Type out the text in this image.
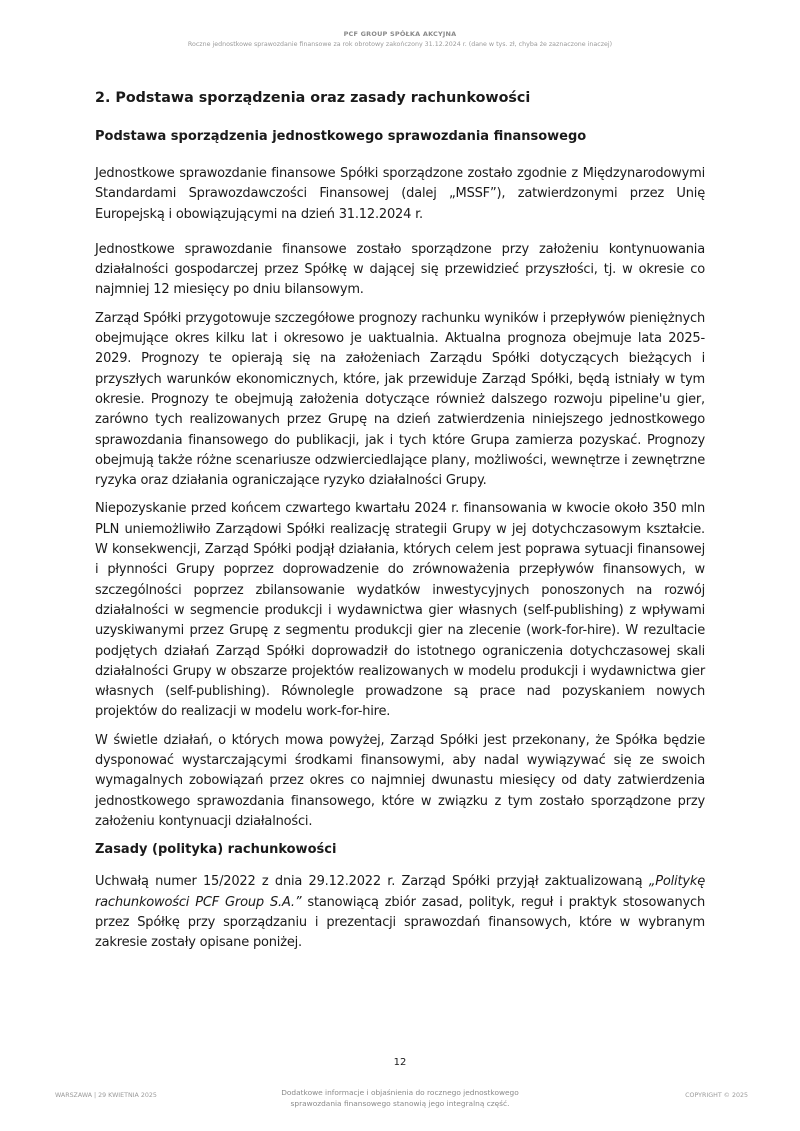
PCF GROUP SPÓŁKA AKCYJNA
Roczne jednostkowe sprawozdanie finansowe za rok obrotowy zakończony 31.12.2024 r. (dane w tys. zł, chyba że zaznaczone inaczej)
2. Podstawa sporządzenia oraz zasady rachunkowości
Podstawa sporządzenia jednostkowego sprawozdania finansowego

Jednostkowe sprawozdanie finansowe Spółki sporządzone zostało zgodnie z Międzynarodowymi Standardami Sprawozdawczości Finansowej (dalej „MSSF”), zatwierdzonymi przez Unię Europejską i obowiązującymi na dzień 31.12.2024 r.

Jednostkowe sprawozdanie finansowe zostało sporządzone przy założeniu kontynuowania działalności gospodarczej przez Spółkę w dającej się przewidzieć przyszłości, tj. w okresie co najmniej 12 miesięcy po dniu bilansowym.

Zarząd Spółki przygotowuje szczegółowe prognozy rachunku wyników i przepływów pieniężnych obejmujące okres kilku lat i okresowo je uaktualnia. Aktualna prognoza obejmuje lata 2025-2029. Prognozy te opierają się na założeniach Zarządu Spółki dotyczących bieżących i przyszłych warunków ekonomicznych, które, jak przewiduje Zarząd Spółki, będą istniały w tym okresie. Prognozy te obejmują założenia dotyczące również dalszego rozwoju pipeline'u gier, zarówno tych realizowanych przez Grupę na dzień zatwierdzenia niniejszego jednostkowego sprawozdania finansowego do publikacji, jak i tych które Grupa zamierza pozyskać. Prognozy obejmują także różne scenariusze odzwierciedlające plany, możliwości, wewnętrze i zewnętrzne ryzyka oraz działania ograniczające ryzyko działalności Grupy.

Niepozyskanie przed końcem czwartego kwartału 2024 r. finansowania w kwocie około 350 mln PLN uniemożliwiło Zarządowi Spółki realizację strategii Grupy w jej dotychczasowym kształcie. W konsekwencji, Zarząd Spółki podjął działania, których celem jest poprawa sytuacji finansowej i płynności Grupy poprzez doprowadzenie do zrównoważenia przepływów finansowych, w szczególności poprzez zbilansowanie wydatków inwestycyjnych ponoszonych na rozwój działalności w segmencie produkcji i wydawnictwa gier własnych (self-publishing) z wpływami uzyskiwanymi przez Grupę z segmentu produkcji gier na zlecenie (work-for-hire). W rezultacie podjętych działań Zarząd Spółki doprowadził do istotnego ograniczenia dotychczasowej skali działalności Grupy w obszarze projektów realizowanych w modelu produkcji i wydawnictwa gier własnych (self-publishing). Równolegle prowadzone są prace nad pozyskaniem nowych projektów do realizacji w modelu work-for-hire.

W świetle działań, o których mowa powyżej, Zarząd Spółki jest przekonany, że Spółka będzie dysponować wystarczającymi środkami finansowymi, aby nadal wywiązywać się ze swoich wymagalnych zobowiązań przez okres co najmniej dwunastu miesięcy od daty zatwierdzenia jednostkowego sprawozdania finansowego, które w związku z tym zostało sporządzone przy założeniu kontynuacji działalności.

Zasady (polityka) rachunkowości

Uchwałą numer 15/2022 z dnia 29.12.2022 r. Zarząd Spółki przyjął zaktualizowaną „Politykę rachunkowości PCF Group S.A.” stanowiącą zbiór zasad, polityk, reguł i praktyk stosowanych przez Spółkę przy sporządzaniu i prezentacji sprawozdań finansowych, które w wybranym zakresie zostały opisane poniżej.

12
WARSZAWA | 29 KWIETNIA 2025	Dodatkowe informacje i objaśnienia do rocznego jednostkowego
sprawozdania finansowego stanowią jego integralną część.
COPYRIGHT © 2025
